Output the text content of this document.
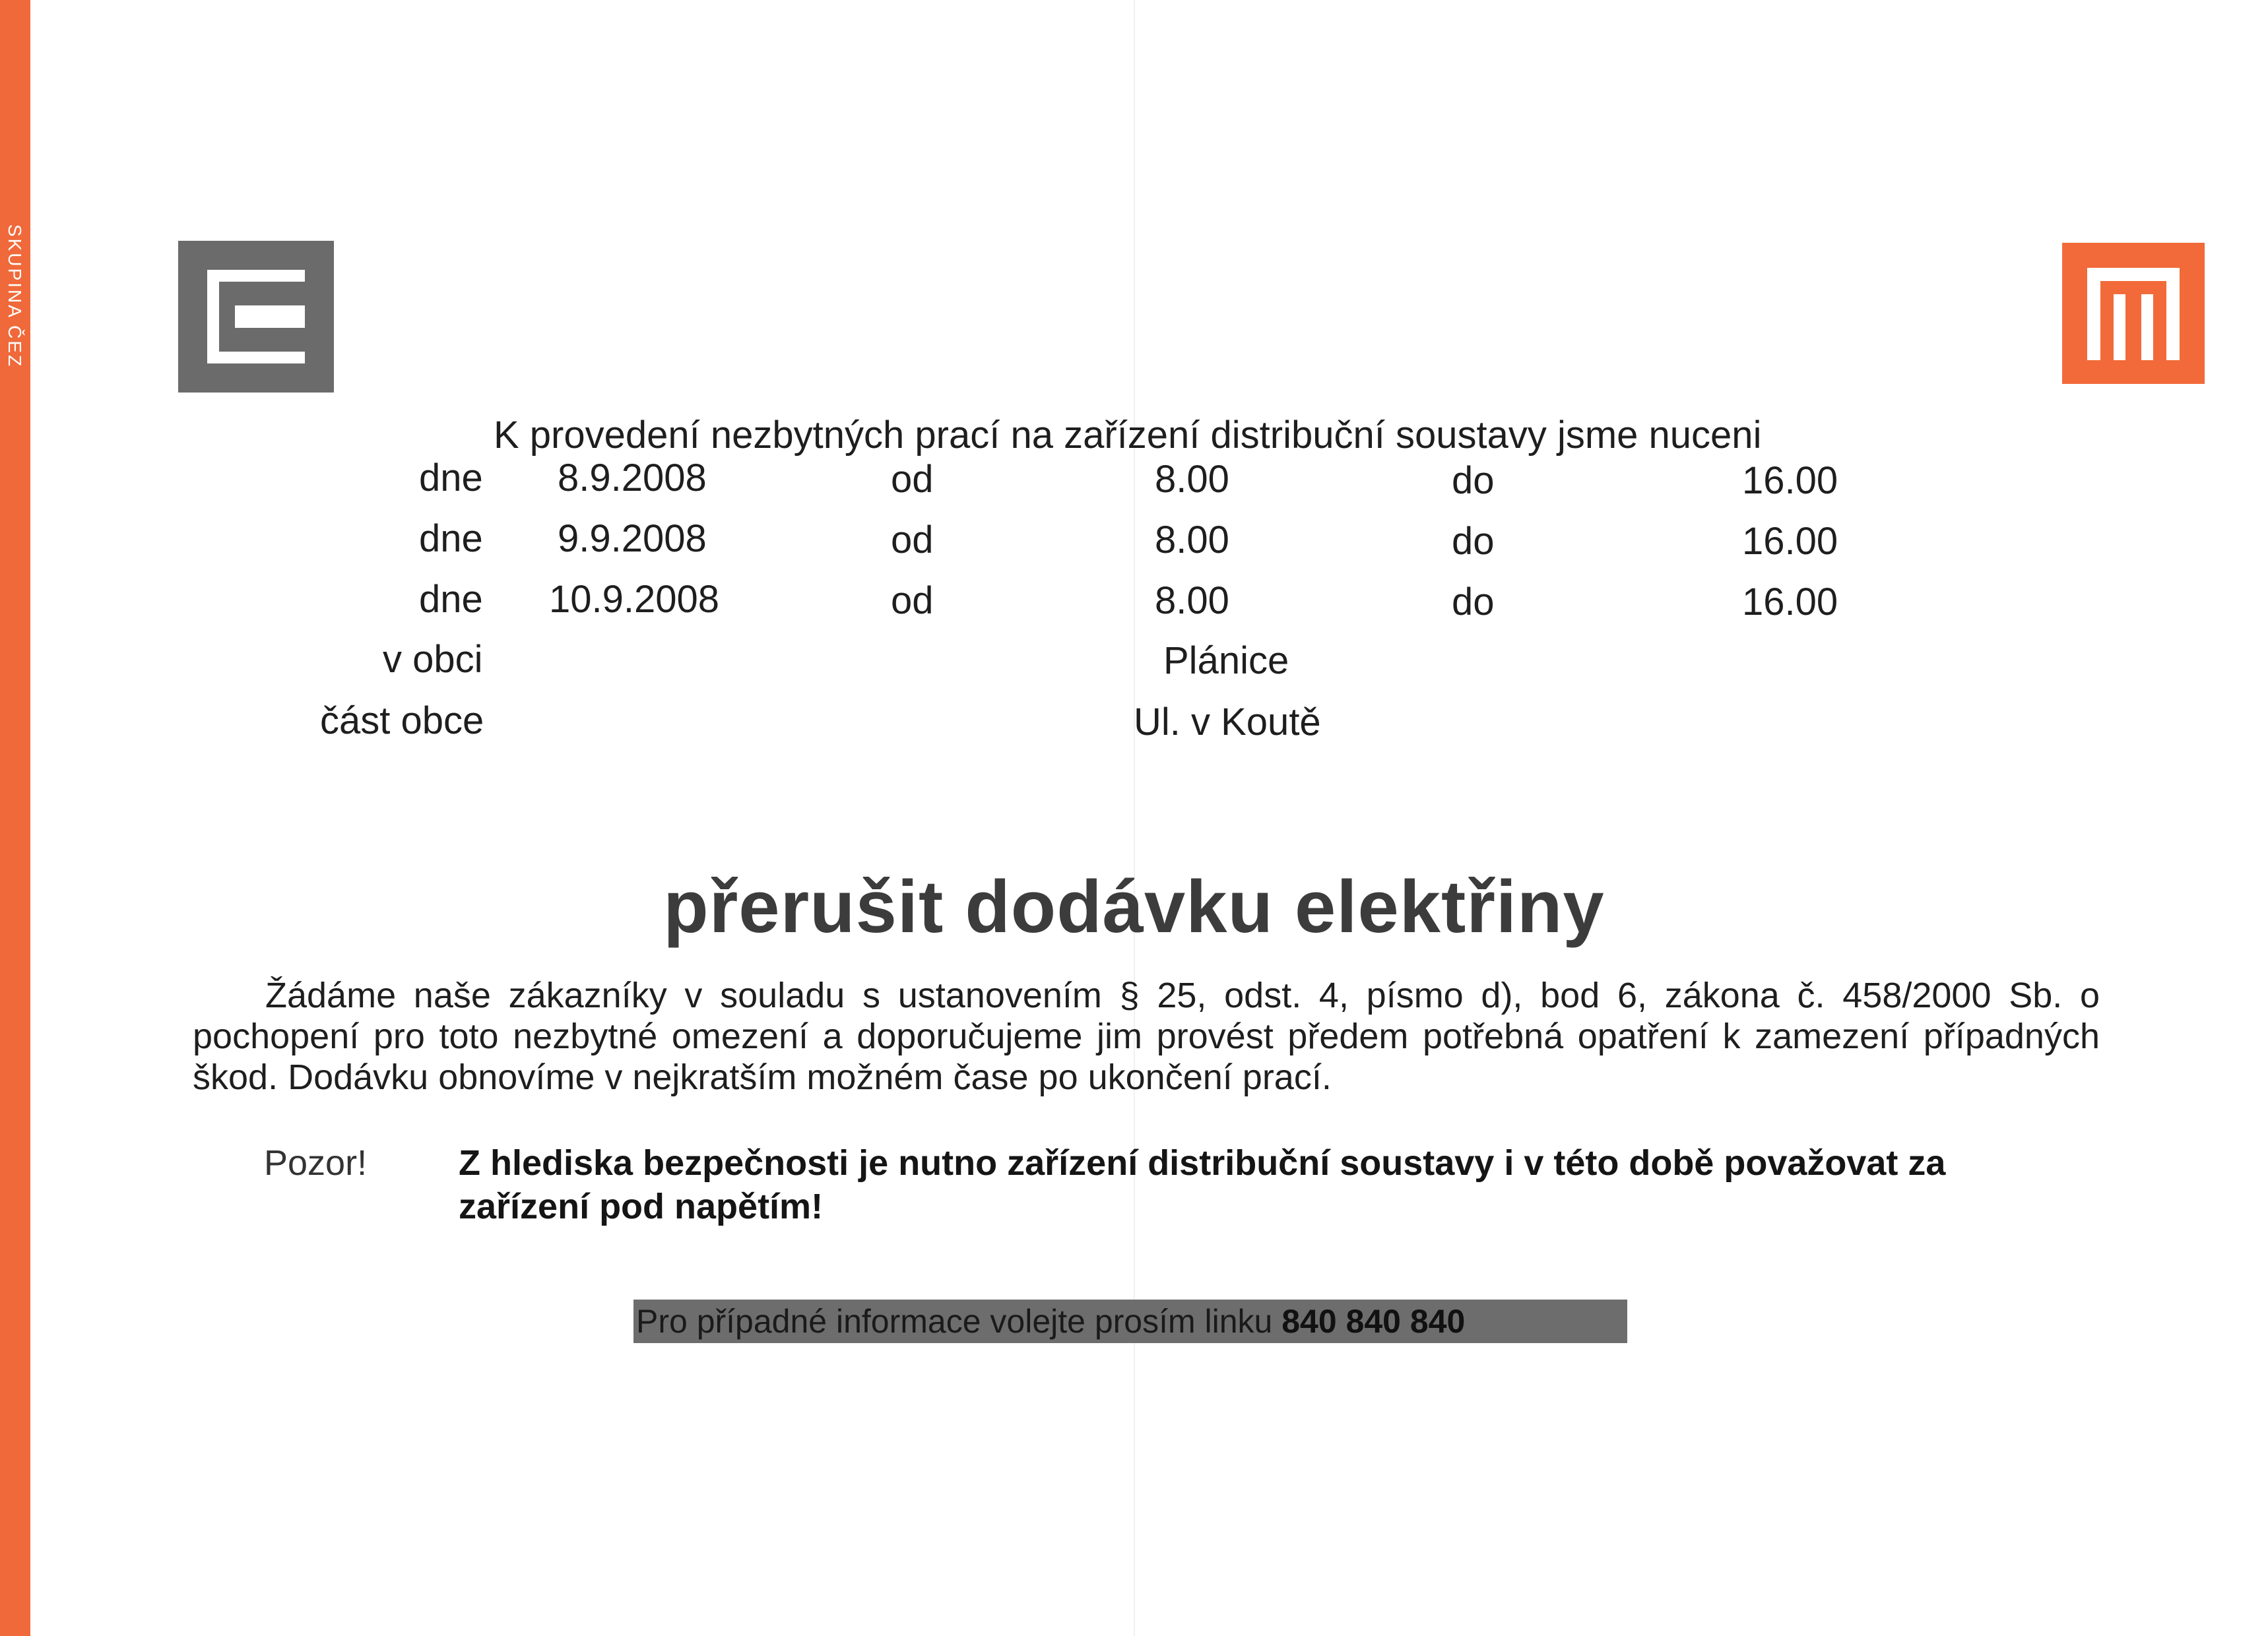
SKUPINA ČEZ
K provedení nezbytných prací na zařízení distribuční soustavy jsme nuceni
dne 8.9.2008	od	8.00	do	16.00
dne 9.9.2008	od	8.00	do	16.00
dne 10.9.2008	od	8.00	do	16.00
v obci	Plánice
část obce	Ul. v Koutě
přerušit dodávku elektřiny
Žádáme naše zákazníky v souladu s ustanovením § 25, odst. 4, písmo d), bod 6, zákona č. 458/2000 Sb. o pochopení pro toto nezbytné omezení a doporučujeme jim provést předem potřebná opatření k zamezení případných škod. Dodávku obnovíme v nejkratším možném čase po ukončení prací.
Pozor!	Z hlediska bezpečnosti je nutno zařízení distribuční soustavy i v této době považovat za zařízení pod napětím!
Pro případné informace volejte prosím linku 840 840 840
